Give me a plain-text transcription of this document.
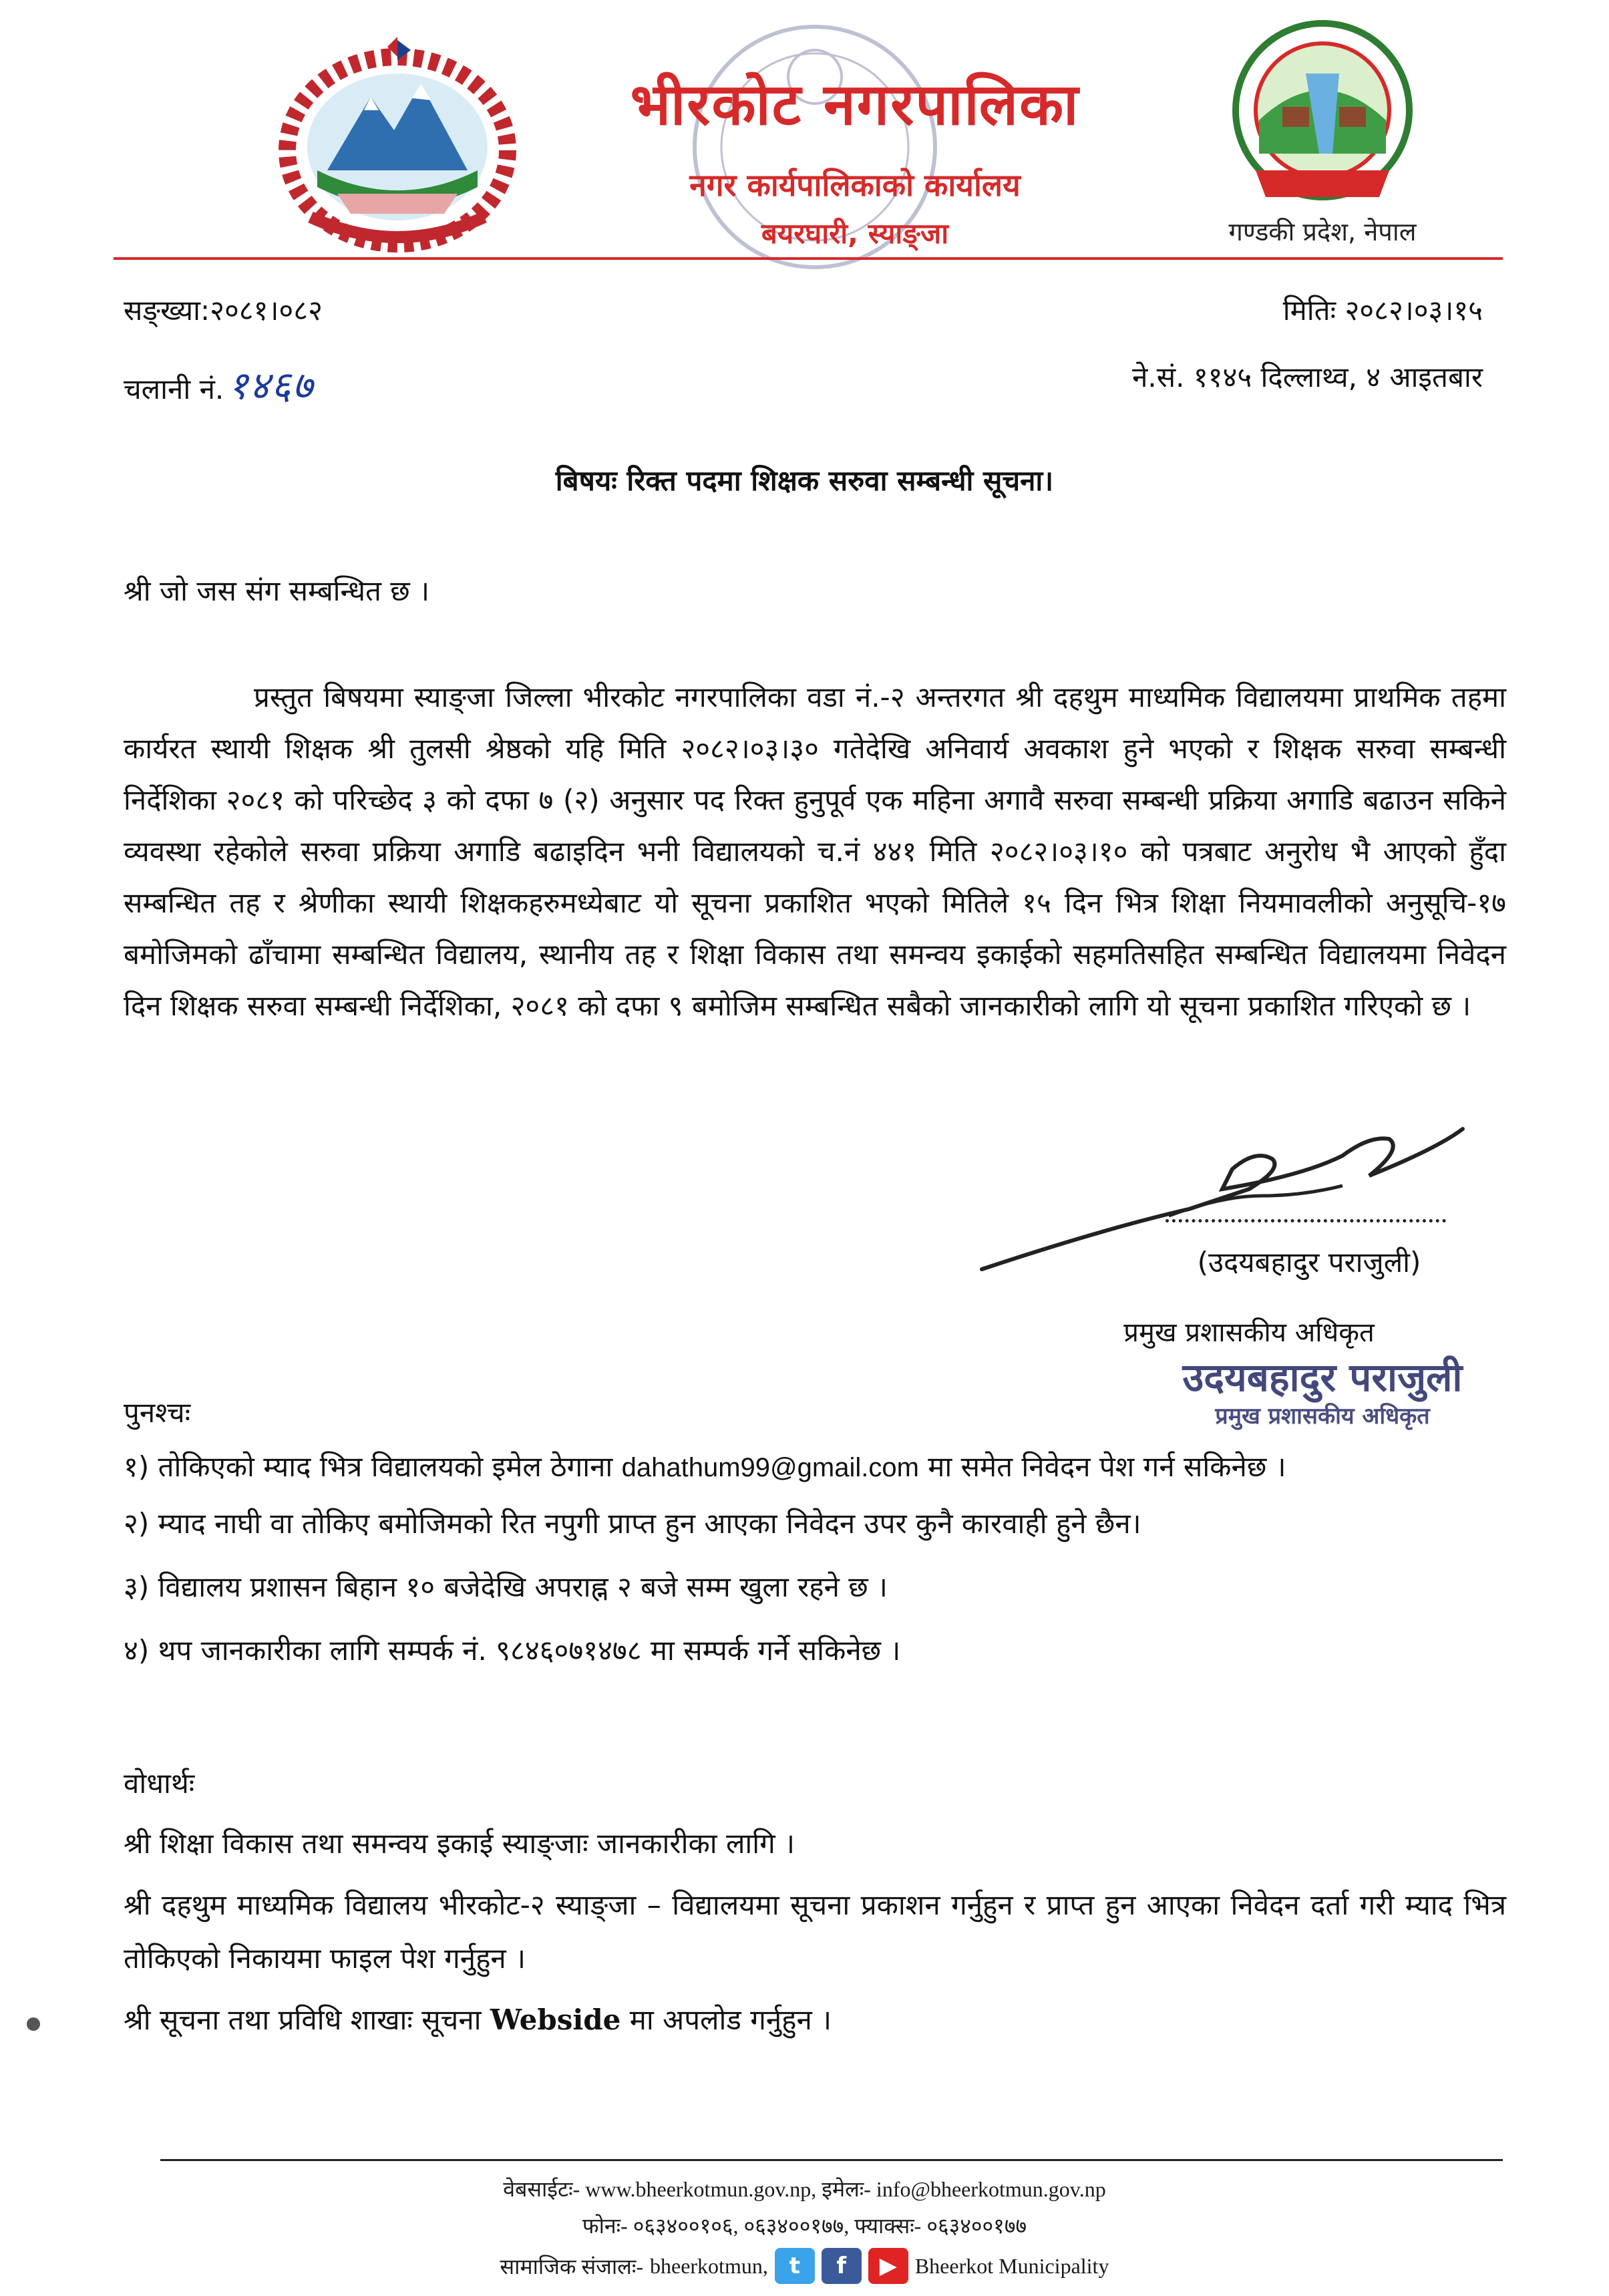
भीरकोट नगरपालिका
नगर कार्यपालिकाको कार्यालय
बयरघारी, स्याङ्जा	गण्डकी प्रदेश, नेपाल
सङ्ख्या:२०८१।०८२
चलानी नं. १४६७
मितिः २०८२।०३।१५
ने.सं. ११४५ दिल्लाथ्व, ४ आइतबार
बिषयः रिक्त पदमा शिक्षक सरुवा सम्बन्धी सूचना।
श्री जो जस संग सम्बन्धित छ ।
प्रस्तुत बिषयमा स्याङ्जा जिल्ला भीरकोट नगरपालिका वडा नं.-२ अन्तरगत श्री दहथुम माध्यमिक विद्यालयमा प्राथमिक तहमा कार्यरत स्थायी शिक्षक श्री तुलसी श्रेष्ठको यहि मिति २०८२।०३।३० गतेदेखि अनिवार्य अवकाश हुने भएको र शिक्षक सरुवा सम्बन्धी निर्देशिका २०८१ को परिच्छेद ३ को दफा ७ (२) अनुसार पद रिक्त हुनुपूर्व एक महिना अगावै सरुवा सम्बन्धी प्रक्रिया अगाडि बढाउन सकिने व्यवस्था रहेकोले सरुवा प्रक्रिया अगाडि बढाइदिन भनी विद्यालयको च.नं ४४१ मिति २०८२।०३।१० को पत्रबाट अनुरोध भै आएको हुँदा सम्बन्धित तह र श्रेणीका स्थायी शिक्षकहरुमध्येबाट यो सूचना प्रकाशित भएको मितिले १५ दिन भित्र शिक्षा नियमावलीको अनुसूचि-१७ बमोजिमको ढाँचामा सम्बन्धित विद्यालय, स्थानीय तह र शिक्षा विकास तथा समन्वय इकाईको सहमतिसहित सम्बन्धित विद्यालयमा निवेदन दिन शिक्षक सरुवा सम्बन्धी निर्देशिका, २०८१ को दफा ९ बमोजिम सम्बन्धित सबैको जानकारीको लागि यो सूचना प्रकाशित गरिएको छ ।
(उदयबहादुर पराजुली)
प्रमुख प्रशासकीय अधिकृत
उदयबहादुर पराजुली
प्रमुख प्रशासकीय अधिकृत
पुनश्चः
१) तोकिएको म्याद भित्र विद्यालयको इमेल ठेगाना dahathum99@gmail.com मा समेत निवेदन पेश गर्न सकिनेछ ।
२) म्याद नाघी वा तोकिए बमोजिमको रित नपुगी प्राप्त हुन आएका निवेदन उपर कुनै कारवाही हुने छैन।
३) विद्यालय प्रशासन बिहान १० बजेदेखि अपराह्न २ बजे सम्म खुला रहने छ ।
४) थप जानकारीका लागि सम्पर्क नं. ९८४६०७१४७८ मा सम्पर्क गर्ने सकिनेछ ।
वोधार्थः
श्री शिक्षा विकास तथा समन्वय इकाई स्याङ्जाः जानकारीका लागि ।
श्री दहथुम माध्यमिक विद्यालय भीरकोट-२ स्याङ्जा – विद्यालयमा सूचना प्रकाशन गर्नुहुन र प्राप्त हुन आएका निवेदन दर्ता गरी म्याद भित्र तोकिएको निकायमा फाइल पेश गर्नुहुन ।
श्री सूचना तथा प्रविधि शाखाः सूचना Webside मा अपलोड गर्नुहुन ।
वेबसाईटः- www.bheerkotmun.gov.np, इमेलः- info@bheerkotmun.gov.np
फोनः- ०६३४००१०६, ०६३४००१७७, फ्याक्सः- ०६३४००१७७
सामाजिक संजालः- bheerkotmun, t	f	▶ Bheerkot Municipality
